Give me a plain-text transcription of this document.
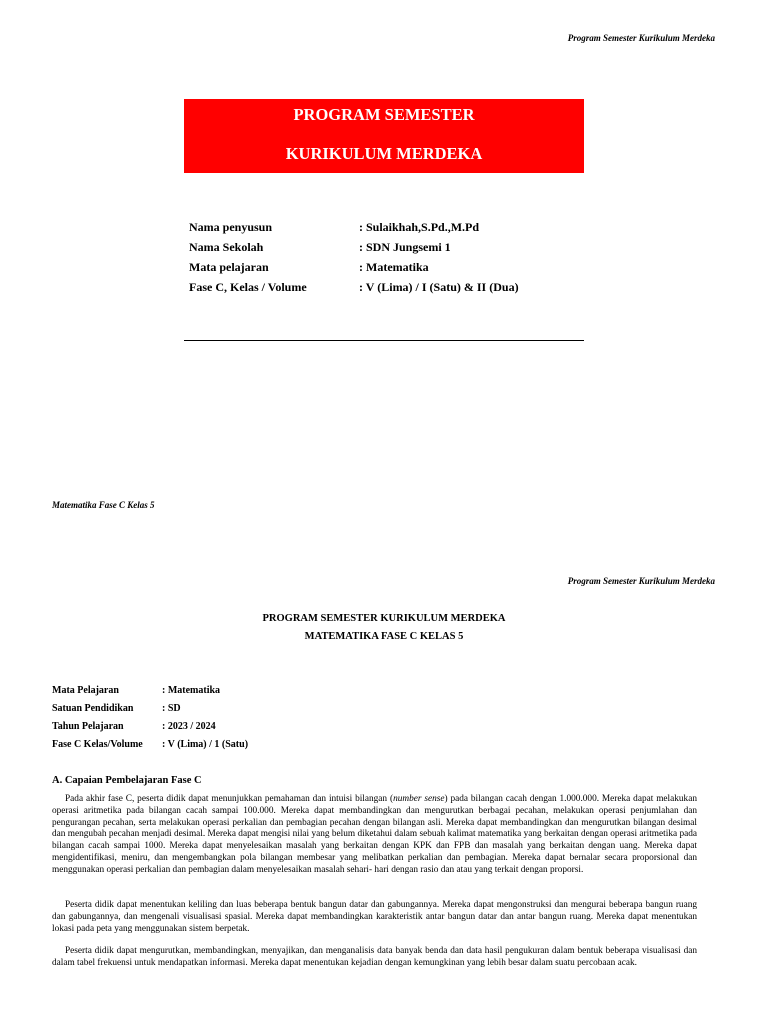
Program Semester Kurikulum Merdeka
PROGRAM SEMESTER
KURIKULUM MERDEKA
Nama penyusun	: Sulaikhah,S.Pd.,M.Pd
Nama Sekolah	: SDN Jungsemi 1
Mata pelajaran	: Matematika
Fase C, Kelas / Volume	: V (Lima) / I (Satu) & II (Dua)
Matematika Fase C Kelas 5
Program Semester Kurikulum Merdeka
PROGRAM SEMESTER KURIKULUM MERDEKA
MATEMATIKA FASE C KELAS 5
Mata Pelajaran	: Matematika
Satuan Pendidikan	: SD
Tahun Pelajaran	: 2023 / 2024
Fase C Kelas/Volume : V (Lima) / 1 (Satu)
A. Capaian Pembelajaran Fase C

Pada akhir fase C, peserta didik dapat menunjukkan pemahaman dan intuisi bilangan (number sense) pada bilangan cacah dengan 1.000.000. Mereka dapat melakukan operasi aritmetika pada bilangan cacah sampai 100.000. Mereka dapat membandingkan dan mengurutkan berbagai pecahan, melakukan operasi penjumlahan dan pengurangan pecahan, serta melakukan operasi perkalian dan pembagian pecahan dengan bilangan asli. Mereka dapat membandingkan dan mengurutkan bilangan desimal dan mengubah pecahan menjadi desimal. Mereka dapat mengisi nilai yang belum diketahui dalam sebuah kalimat matematika yang berkaitan dengan operasi aritmetika pada bilangan cacah sampai 1000. Mereka dapat menyelesaikan masalah yang berkaitan dengan KPK dan FPB dan masalah yang berkaitan dengan uang. Mereka dapat mengidentifikasi, meniru, dan mengembangkan pola bilangan membesar yang melibatkan perkalian dan pembagian. Mereka dapat bernalar secara proporsional dan menggunakan operasi perkalian dan pembagian dalam menyelesaikan masalah sehari- hari dengan rasio dan atau yang terkait dengan proporsi.

Peserta didik dapat menentukan keliling dan luas beberapa bentuk bangun datar dan gabungannya. Mereka dapat mengonstruksi dan mengurai beberapa bangun ruang dan gabungannya, dan mengenali visualisasi spasial. Mereka dapat membandingkan karakteristik antar bangun datar dan antar bangun ruang. Mereka dapat menentukan lokasi pada peta yang menggunakan sistem berpetak.

Peserta didik dapat mengurutkan, membandingkan, menyajikan, dan menganalisis data banyak benda dan data hasil pengukuran dalam bentuk beberapa visualisasi dan dalam tabel frekuensi untuk mendapatkan informasi. Mereka dapat menentukan kejadian dengan kemungkinan yang lebih besar dalam suatu percobaan acak.
